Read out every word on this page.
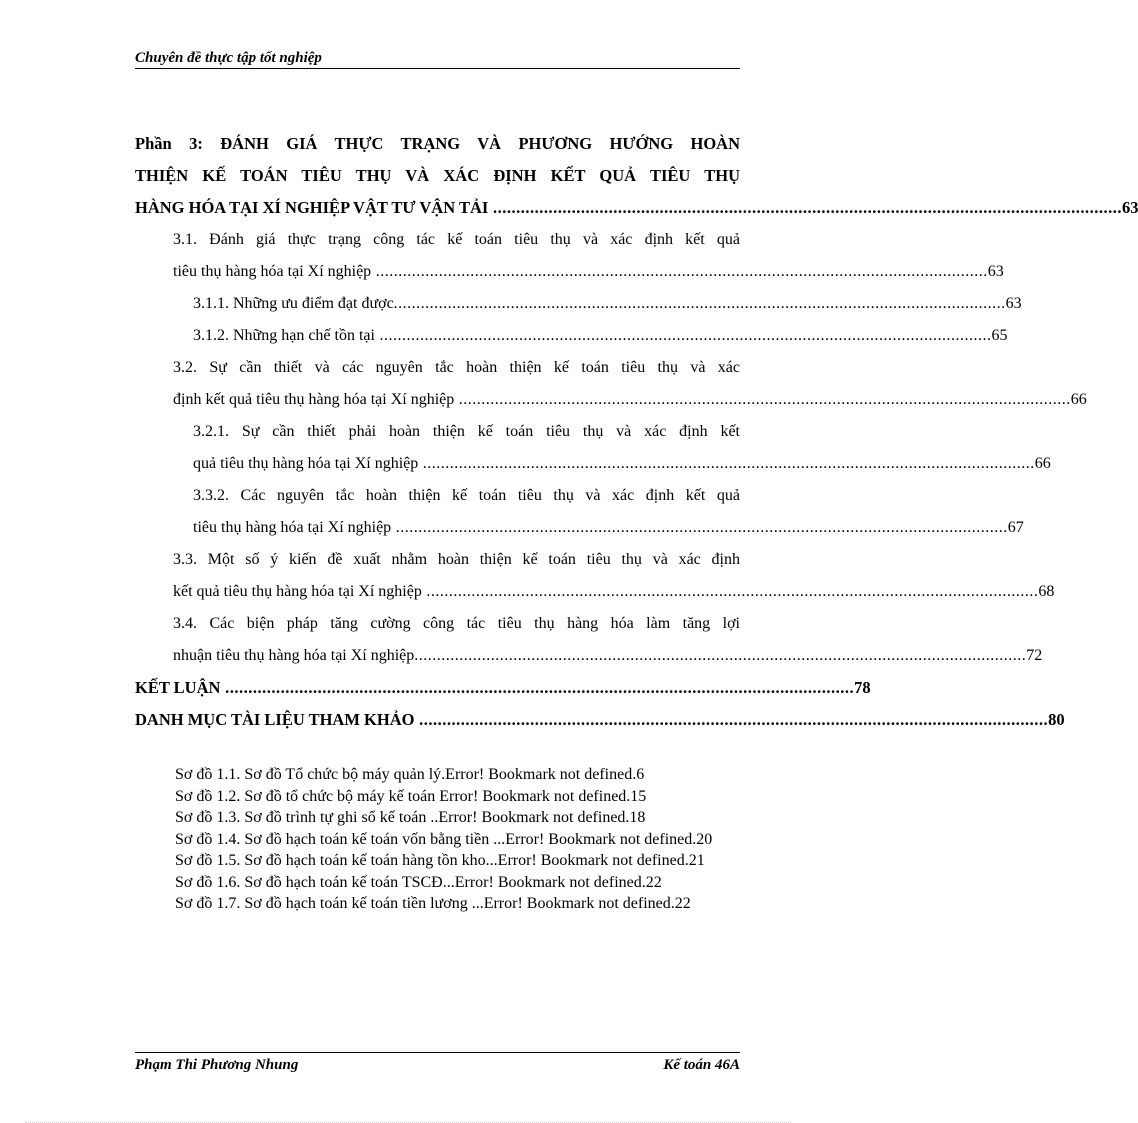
Chuyên đề thực tập tốt nghiệp
Phần 3: ĐÁNH GIÁ THỰC TRẠNG VÀ PHƯƠNG HƯỚNG HOÀN
THIỆN KẾ TOÁN TIÊU THỤ VÀ XÁC ĐỊNH KẾT QUẢ TIÊU THỤ
HÀNG HÓA TẠI XÍ NGHIỆP VẬT TƯ VẬN TẢI ........................................................................................................................................ 63
3.1. Đánh giá thực trạng công tác kế toán tiêu thụ và xác định kết quả
tiêu thụ hàng hóa tại Xí nghiệp ........................................................................................................................................ 63
3.1.1. Những ưu điểm đạt được ........................................................................................................................................ 63
3.1.2. Những hạn chế tồn tại ........................................................................................................................................ 65
3.2. Sự cần thiết và các nguyên tắc hoàn thiện kế toán tiêu thụ và xác
định kết quả tiêu thụ hàng hóa tại Xí nghiệp ........................................................................................................................................ 66
3.2.1. Sự cần thiết phải hoàn thiện kế toán tiêu thụ và xác định kết
quả tiêu thụ hàng hóa tại Xí nghiệp ........................................................................................................................................ 66
3.3.2. Các nguyên tắc hoàn thiện kế toán tiêu thụ và xác định kết quả
tiêu thụ hàng hóa tại Xí nghiệp ........................................................................................................................................ 67
3.3. Một số ý kiến đề xuất nhằm hoàn thiện kế toán tiêu thụ và xác định
kết quả tiêu thụ hàng hóa tại Xí nghiệp ........................................................................................................................................ 68
3.4. Các biện pháp tăng cường công tác tiêu thụ hàng hóa làm tăng lợi
nhuận tiêu thụ hàng hóa tại Xí nghiệp ........................................................................................................................................ 72
KẾT LUẬN ........................................................................................................................................ 78
DANH MỤC TÀI LIỆU THAM KHẢO ........................................................................................................................................ 80
Sơ đồ 1.1. Sơ đồ Tổ chức bộ máy quản lý.Error! Bookmark not defined.6
Sơ đồ 1.2. Sơ đồ tổ chức bộ máy kế toán Error! Bookmark not defined.15
Sơ đồ 1.3. Sơ đồ trình tự ghi sổ kế toán ..Error! Bookmark not defined.18
Sơ đồ 1.4. Sơ đồ hạch toán kế toán vốn bằng tiền ...Error! Bookmark not defined.20
Sơ đồ 1.5. Sơ đồ hạch toán kế toán hàng tồn kho...Error! Bookmark not defined.21
Sơ đồ 1.6. Sơ đồ hạch toán kế toán TSCĐ...Error! Bookmark not defined.22
Sơ đồ 1.7. Sơ đồ hạch toán kế toán tiền lương ...Error! Bookmark not defined.22
Phạm Thi Phương Nhung	Kế toán 46A
